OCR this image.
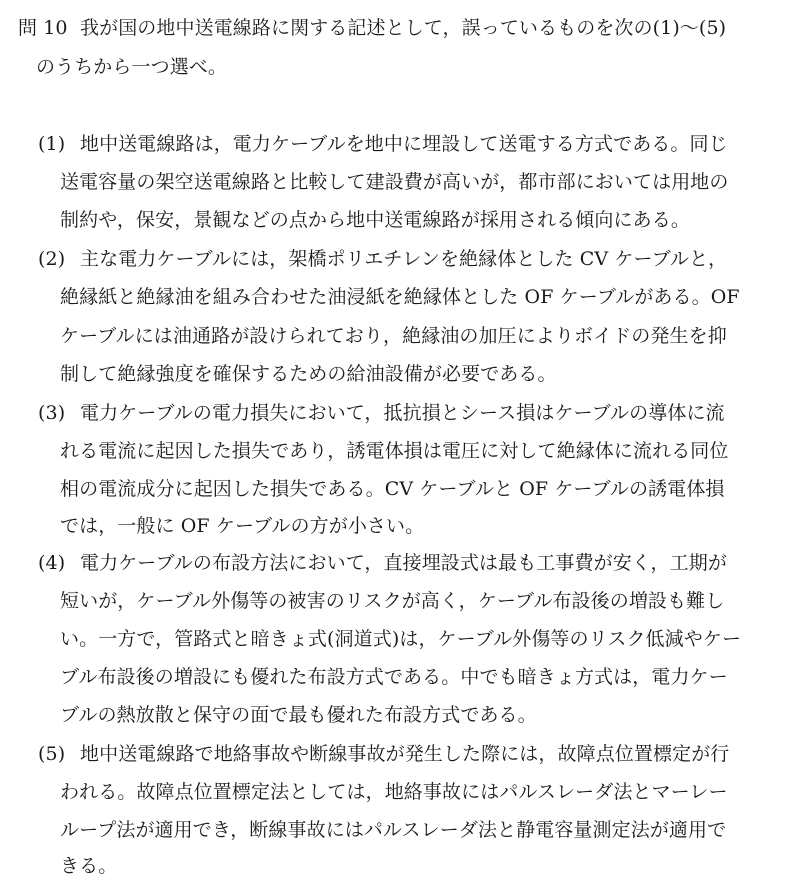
問 10 我が国の地中送電線路に関する記述として，誤っているものを次の(1)～(5)
のうちから一つ選べ。
(1) 地中送電線路は，電力ケーブルを地中に埋設して送電する方式である。同じ
送電容量の架空送電線路と比較して建設費が高いが，都市部においては用地の
制約や，保安，景観などの点から地中送電線路が採用される傾向にある。
(2) 主な電力ケーブルには，架橋ポリエチレンを絶縁体とした CV ケーブルと，
絶縁紙と絶縁油を組み合わせた油浸紙を絶縁体とした OF ケーブルがある。OF
ケーブルには油通路が設けられており，絶縁油の加圧によりボイドの発生を抑
制して絶縁強度を確保するための給油設備が必要である。
(3) 電力ケーブルの電力損失において，抵抗損とシース損はケーブルの導体に流
れる電流に起因した損失であり，誘電体損は電圧に対して絶縁体に流れる同位
相の電流成分に起因した損失である。CV ケーブルと OF ケーブルの誘電体損
では，一般に OF ケーブルの方が小さい。
(4) 電力ケーブルの布設方法において，直接埋設式は最も工事費が安く，工期が
短いが，ケーブル外傷等の被害のリスクが高く，ケーブル布設後の増設も難し
い。一方で，管路式と暗きょ式(洞道式)は，ケーブル外傷等のリスク低減やケー
ブル布設後の増設にも優れた布設方式である。中でも暗きょ方式は，電力ケー
ブルの熱放散と保守の面で最も優れた布設方式である。
(5) 地中送電線路で地絡事故や断線事故が発生した際には，故障点位置標定が行
われる。故障点位置標定法としては，地絡事故にはパルスレーダ法とマーレー
ループ法が適用でき，断線事故にはパルスレーダ法と静電容量測定法が適用で
きる。
